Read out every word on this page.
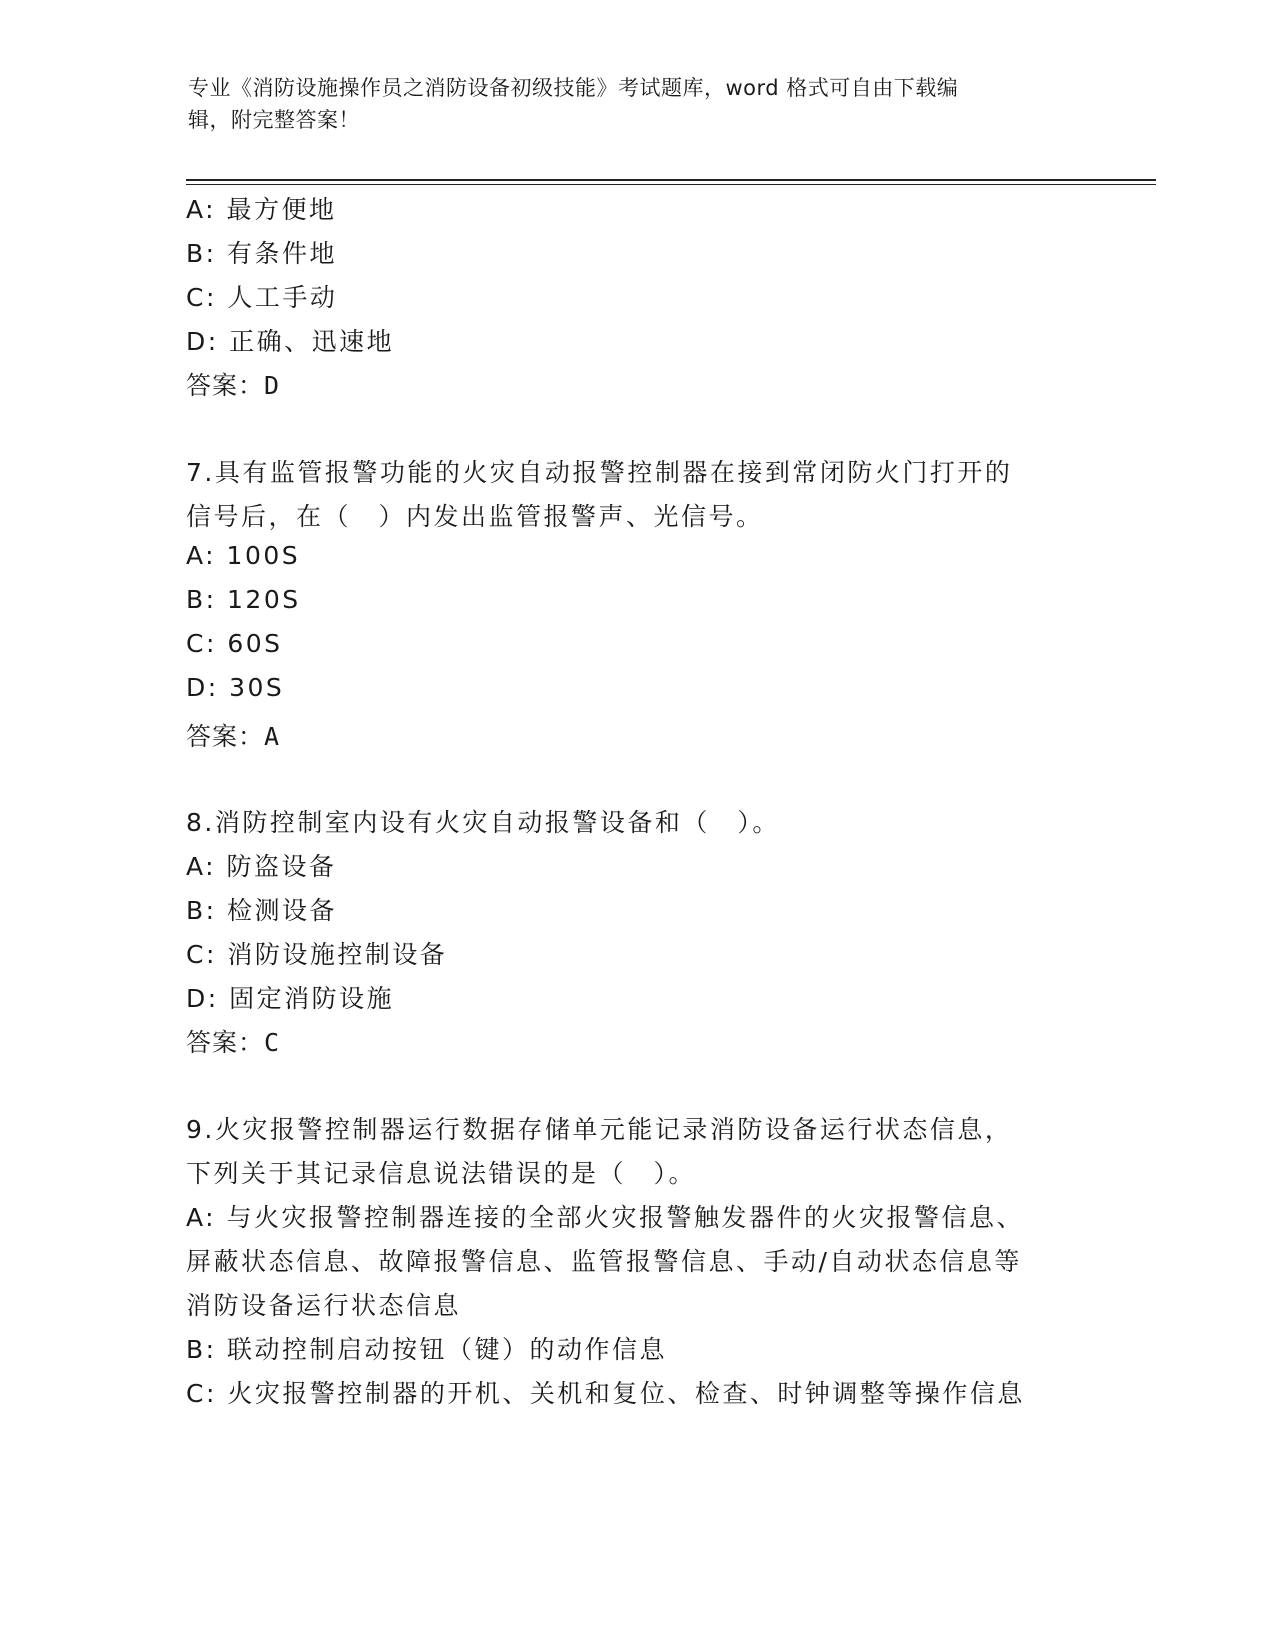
专业《消防设施操作员之消防设备初级技能》考试题库，word 格式可自由下载编
辑，附完整答案！
A: 最方便地
B: 有条件地
C: 人工手动
D: 正确、迅速地
答案：D
7.具有监管报警功能的火灾自动报警控制器在接到常闭防火门打开的
信号后，在（　）内发出监管报警声、光信号。
A: 100S
B: 120S
C: 60S
D: 30S
答案：A
8.消防控制室内设有火灾自动报警设备和（　）。
A: 防盗设备
B: 检测设备
C: 消防设施控制设备
D: 固定消防设施
答案：C
9.火灾报警控制器运行数据存储单元能记录消防设备运行状态信息，
下列关于其记录信息说法错误的是（　）。
A: 与火灾报警控制器连接的全部火灾报警触发器件的火灾报警信息、
屏蔽状态信息、故障报警信息、监管报警信息、手动/自动状态信息等
消防设备运行状态信息
B: 联动控制启动按钮（键）的动作信息
C: 火灾报警控制器的开机、关机和复位、检查、时钟调整等操作信息
